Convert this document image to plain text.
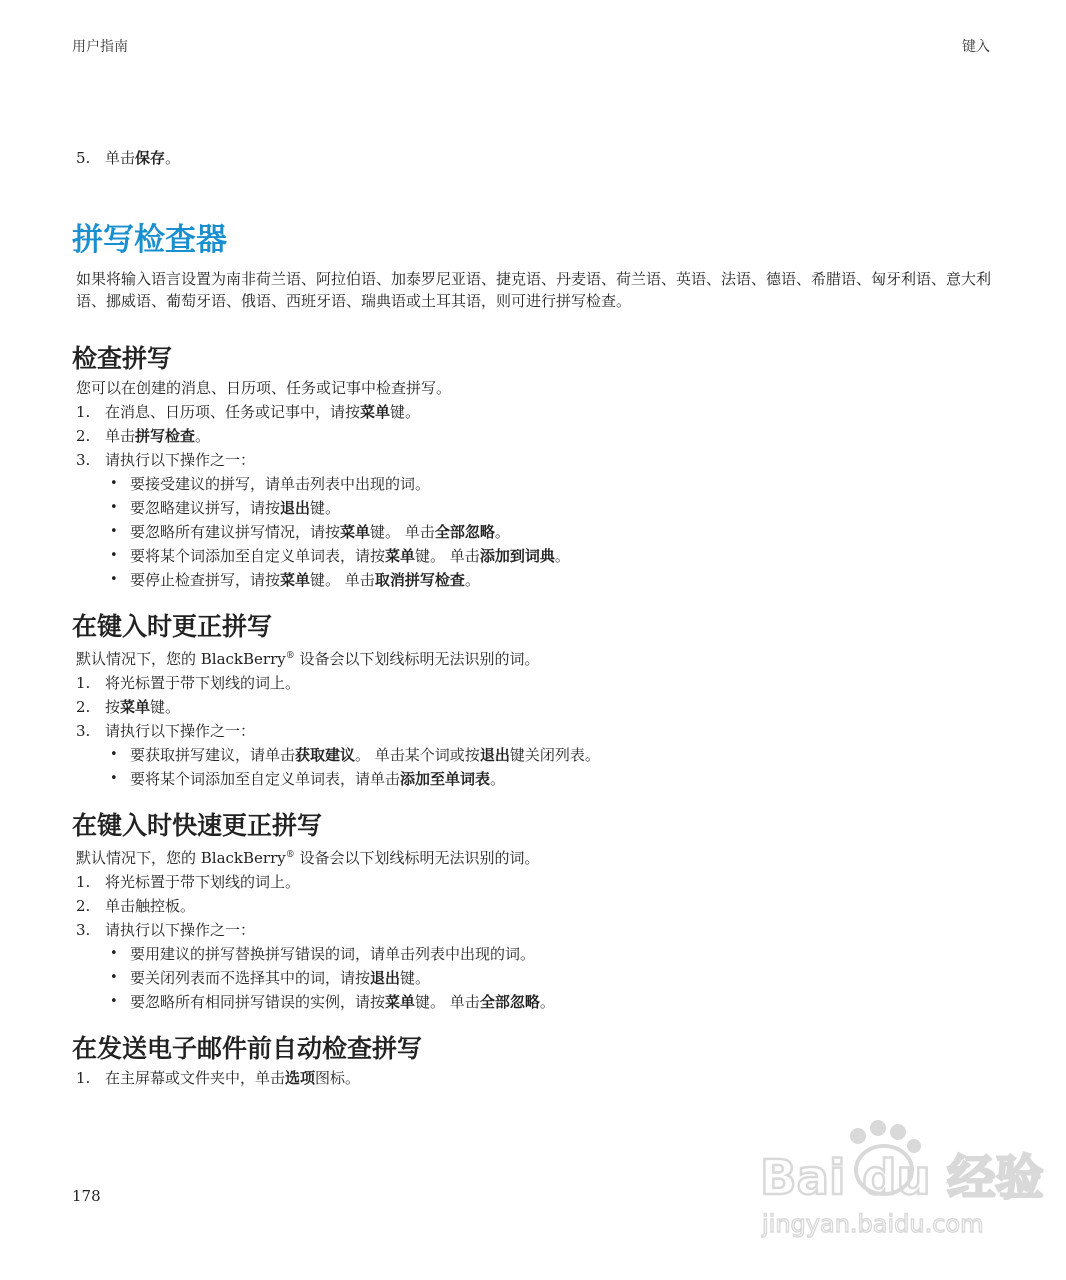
用户指南	键入
5. 单击保存。
拼写检查器
如果将输入语言设置为南非荷兰语、阿拉伯语、加泰罗尼亚语、捷克语、丹麦语、荷兰语、英语、法语、德语、希腊语、匈牙利语、意大利语、挪威语、葡萄牙语、俄语、西班牙语、瑞典语或土耳其语，则可进行拼写检查。
检查拼写
您可以在创建的消息、日历项、任务或记事中检查拼写。
1. 在消息、日历项、任务或记事中，请按菜单键。
2. 单击拼写检查。
3. 请执行以下操作之一：
• 要接受建议的拼写，请单击列表中出现的词。
• 要忽略建议拼写，请按退出键。
• 要忽略所有建议拼写情况，请按菜单键。 单击全部忽略。
• 要将某个词添加至自定义单词表，请按菜单键。 单击添加到词典。
• 要停止检查拼写，请按菜单键。 单击取消拼写检查。
在键入时更正拼写
默认情况下，您的 BlackBerry® 设备会以下划线标明无法识别的词。
1. 将光标置于带下划线的词上。
2. 按菜单键。
3. 请执行以下操作之一：
• 要获取拼写建议，请单击获取建议。 单击某个词或按退出键关闭列表。
• 要将某个词添加至自定义单词表，请单击添加至单词表。
在键入时快速更正拼写
默认情况下，您的 BlackBerry® 设备会以下划线标明无法识别的词。
1. 将光标置于带下划线的词上。
2. 单击触控板。
3. 请执行以下操作之一：
• 要用建议的拼写替换拼写错误的词，请单击列表中出现的词。
• 要关闭列表而不选择其中的词，请按退出键。
• 要忽略所有相同拼写错误的实例，请按菜单键。 单击全部忽略。
在发送电子邮件前自动检查拼写
1. 在主屏幕或文件夹中，单击选项图标。
178	Bai du 经验
jingyan.baidu.com
